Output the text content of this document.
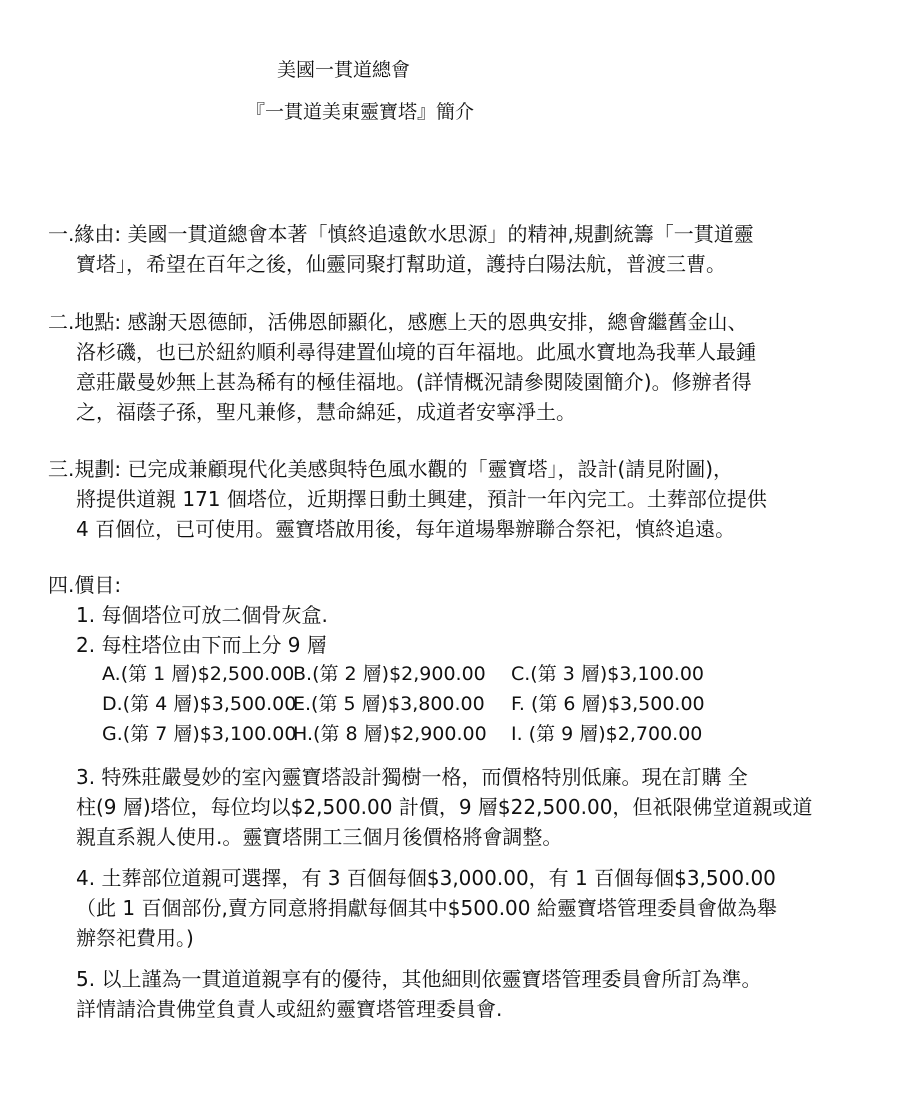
美國一貫道總會
『一貫道美東靈寶塔』簡介
一.緣由: 美國一貫道總會本著「慎終追遠飲水思源」的精神,規劃統籌「一貫道靈
寶塔」，希望在百年之後，仙靈同聚打幫助道，護持白陽法航，普渡三曹。
二.地點: 感謝天恩德師，活佛恩師顯化，感應上天的恩典安排，總會繼舊金山、
洛杉磯，也已於紐約順利尋得建置仙境的百年福地。此風水寶地為我華人最鍾
意莊嚴曼妙無上甚為稀有的極佳福地。(詳情概況請參閱陵園簡介)。修辦者得
之，福蔭子孫，聖凡兼修，慧命綿延，成道者安寧淨土。
三.規劃: 已完成兼顧現代化美感與特色風水觀的「靈寶塔」，設計(請見附圖)，
將提供道親 171 個塔位，近期擇日動土興建，預計一年內完工。土葬部位提供
4 百個位，已可使用。靈寶塔啟用後，每年道場舉辦聯合祭祀，慎終追遠。
四.價目:
1. 每個塔位可放二個骨灰盒.
2. 每柱塔位由下而上分 9 層
A.(第 1 層)$2,500.00
B.(第 2 層)$2,900.00 C.(第 3 層)$3,100.00
D.(第 4 層)$3,500.00
E.(第 5 層)$3,800.00 F. (第 6 層)$3,500.00
G.(第 7 層)$3,100.00
H.(第 8 層)$2,900.00 I. (第 9 層)$2,700.00
3. 特殊莊嚴曼妙的室內靈寶塔設計獨樹一格，而價格特別低廉。現在訂購 全
柱(9 層)塔位，每位均以$2,500.00 計價，9 層$22,500.00，但祇限佛堂道親或道
親直系親人使用.。靈寶塔開工三個月後價格將會調整。
4. 土葬部位道親可選擇，有 3 百個每個$3,000.00，有 1 百個每個$3,500.00
（此 1 百個部份,賣方同意將捐獻每個其中$500.00 給靈寶塔管理委員會做為舉
辦祭祀費用。)
5. 以上謹為一貫道道親享有的優待，其他細則依靈寶塔管理委員會所訂為準。
詳情請洽貴佛堂負責人或紐約靈寶塔管理委員會.
